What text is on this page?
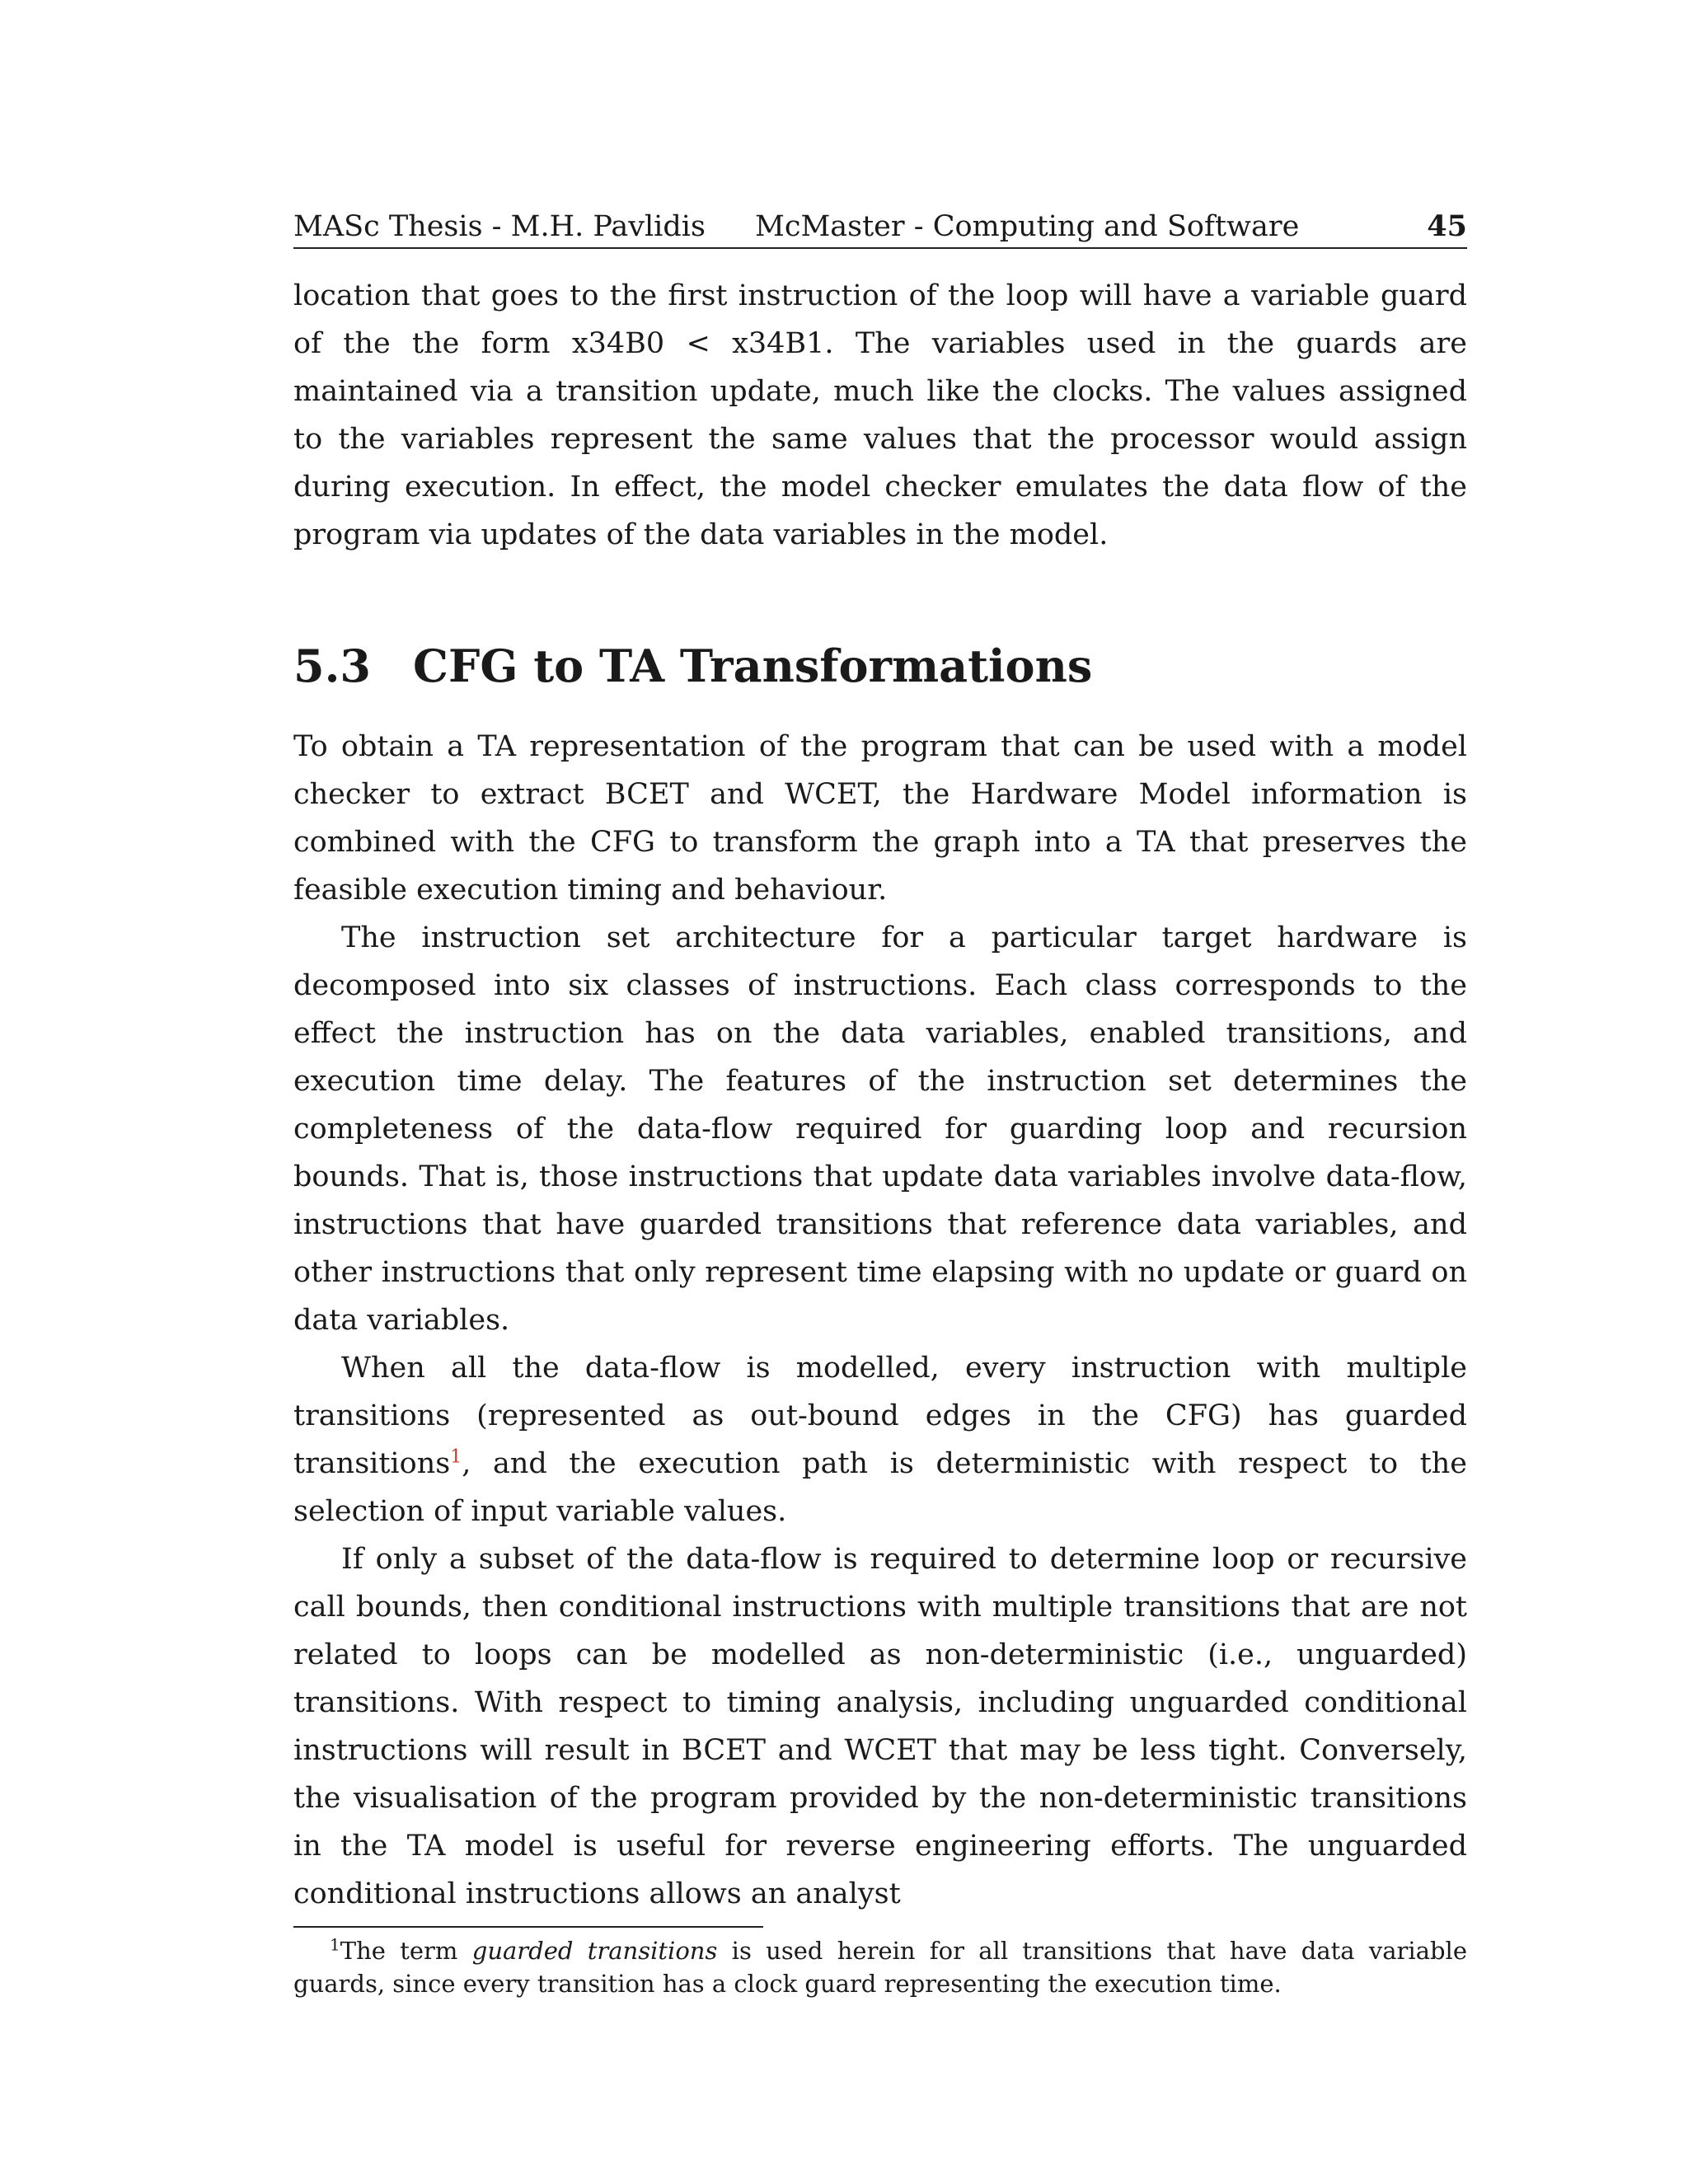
MASc Thesis - M.H. Pavlidis McMaster - Computing and Software	45

location that goes to the first instruction of the loop will have a variable guard of the the form x34B0 < x34B1. The variables used in the guards are maintained via a transition update, much like the clocks. The values assigned to the variables represent the same values that the processor would assign during execution. In effect, the model checker emulates the data flow of the program via updates of the data variables in the model.

5.3 CFG to TA Transformations

To obtain a TA representation of the program that can be used with a model checker to extract BCET and WCET, the Hardware Model information is combined with the CFG to transform the graph into a TA that preserves the feasible execution timing and behaviour.

The instruction set architecture for a particular target hardware is decomposed into six classes of instructions. Each class corresponds to the effect the instruction has on the data variables, enabled transitions, and execution time delay. The features of the instruction set determines the completeness of the data-flow required for guarding loop and recursion bounds. That is, those instructions that update data variables involve data-flow, instructions that have guarded transitions that reference data variables, and other instructions that only represent time elapsing with no update or guard on data variables.

When all the data-flow is modelled, every instruction with multiple transitions (represented as out-bound edges in the CFG) has guarded transitions$^1$, and the execution path is deterministic with respect to the selection of input variable values.

If only a subset of the data-flow is required to determine loop or recursive call bounds, then conditional instructions with multiple transitions that are not related to loops can be modelled as non-deterministic (i.e., unguarded) transitions. With respect to timing analysis, including unguarded conditional instructions will result in BCET and WCET that may be less tight. Conversely, the visualisation of the program provided by the non-deterministic transitions in the TA model is useful for reverse engineering efforts. The unguarded conditional instructions allows an analyst

$^1$The term guarded transitions is used herein for all transitions that have data variable guards, since every transition has a clock guard representing the execution time.
